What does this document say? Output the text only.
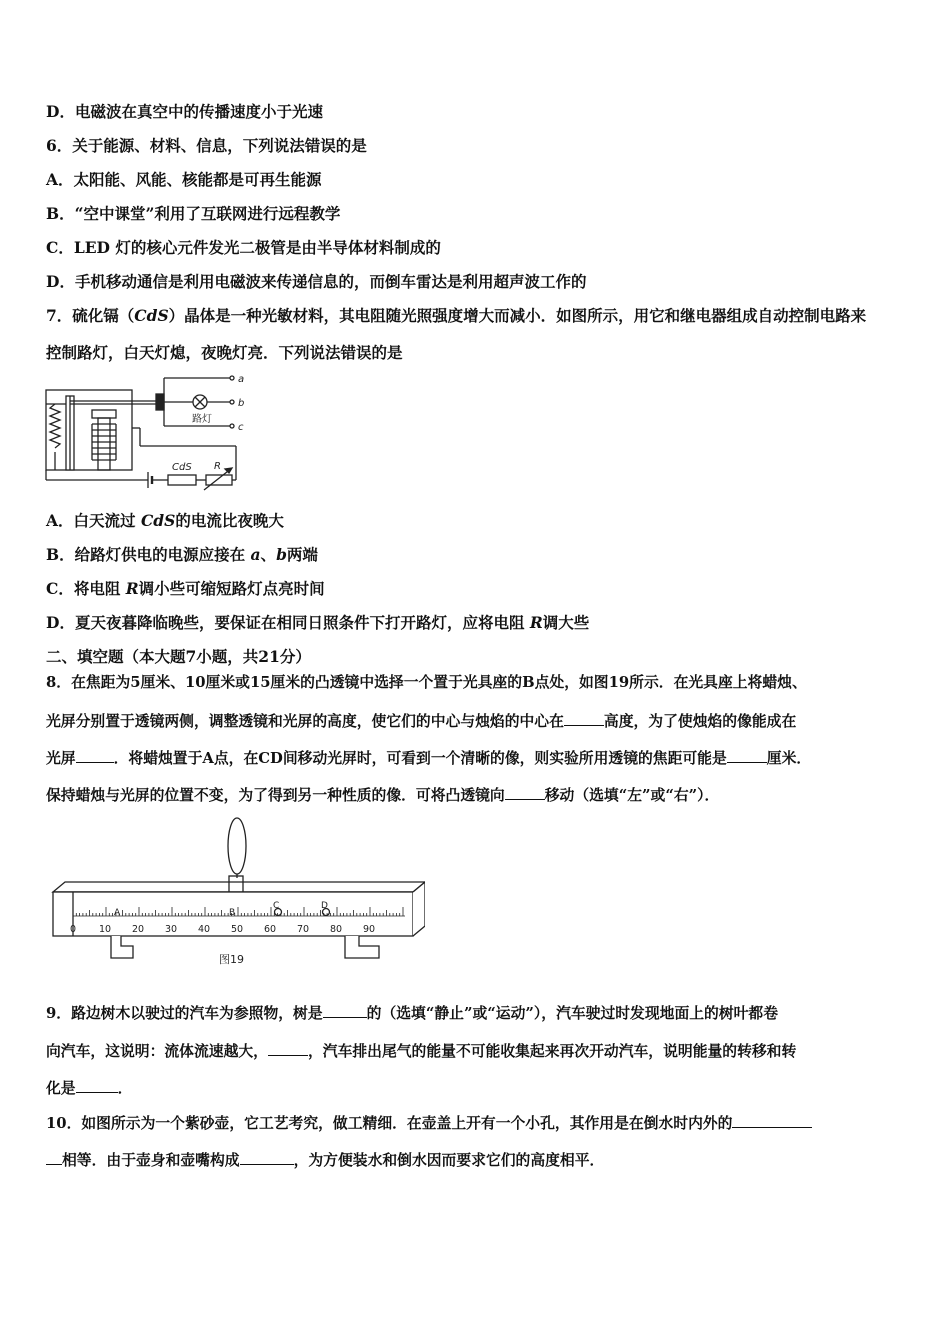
D．电磁波在真空中的传播速度小于光速
6．关于能源、材料、信息，下列说法错误的是
A．太阳能、风能、核能都是可再生能源
B．“空中课堂”利用了互联网进行远程教学
C．LED 灯的核心元件发光二极管是由半导体材料制成的
D．手机移动通信是利用电磁波来传递信息的，而倒车雷达是利用超声波工作的
7．硫化镉（CdS）晶体是一种光敏材料，其电阻随光照强度增大而减小．如图所示，用它和继电器组成自动控制电路来
控制路灯，白天灯熄，夜晚灯亮．下列说法错误的是
a
b
c
路灯
CdS R
A．白天流过 CdS的电流比夜晚大
B．给路灯供电的电源应接在 a、b两端
C．将电阻 R调小些可缩短路灯点亮时间
D．夏天夜暮降临晚些，要保证在相同日照条件下打开路灯，应将电阻 R调大些
二、填空题（本大题7小题，共21分）
8．在焦距为5厘米、10厘米或15厘米的凸透镜中选择一个置于光具座的B点处，如图19所示．在光具座上将蜡烛、
光屏分别置于透镜两侧，调整透镜和光屏的高度，使它们的中心与烛焰的中心在	高度，为了使烛焰的像能成在
光屏	．将蜡烛置于A点，在CD间移动光屏时，可看到一个清晰的像，则实验所用透镜的焦距可能是	厘米．
保持蜡烛与光屏的位置不变，为了得到另一种性质的像．可将凸透镜向	移动（选填“左”或“右”）．
0 10 20 30 40 50 60 70 80 90
A	B
C	D
图19
9．路边树木以驶过的汽车为参照物，树是	的（选填“静止”或“运动”），汽车驶过时发现地面上的树叶都卷
向汽车，这说明：流体流速越大，	，汽车排出尾气的能量不可能收集起来再次开动汽车，说明能量的转移和转
化是	．
10．如图所示为一个紫砂壶，它工艺考究，做工精细．在壶盖上开有一个小孔，其作用是在倒水时内外的
相等．由于壶身和壶嘴构成	，为方便装水和倒水因而要求它们的高度相平．
